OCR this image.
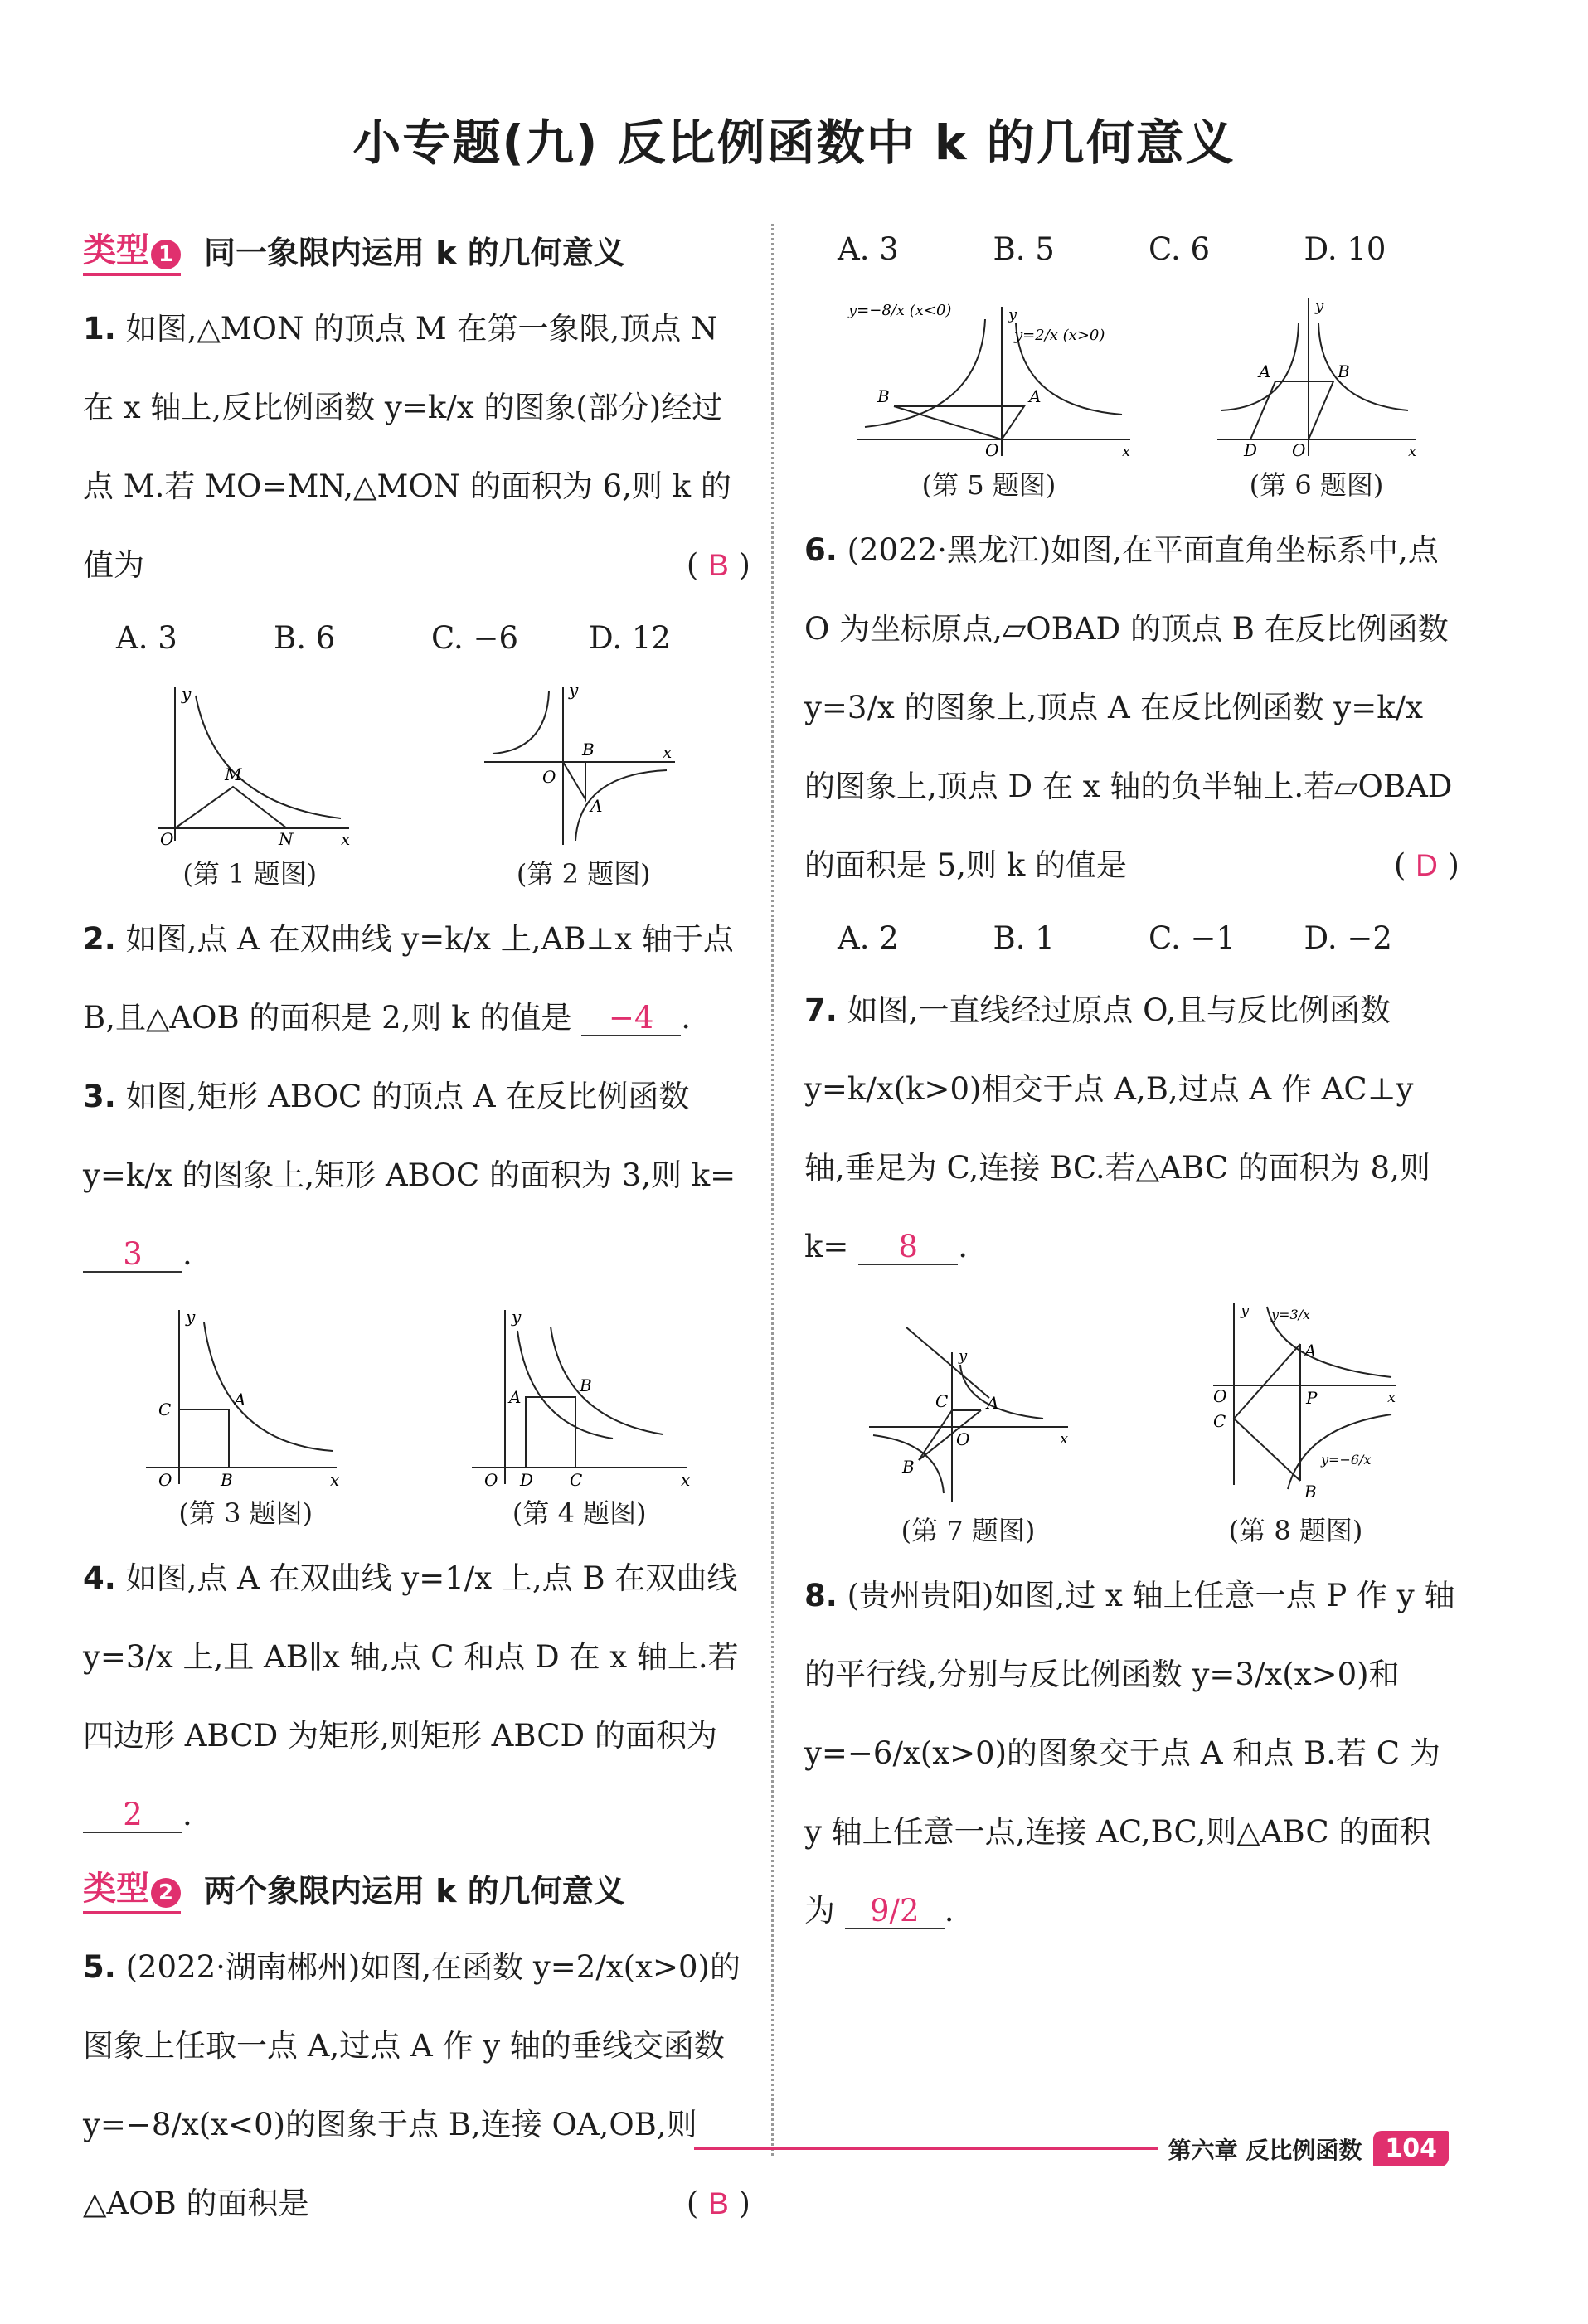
小专题(九) 反比例函数中 k 的几何意义
类型 1 同一象限内运用 k 的几何意义

1. 如图,△MON 的顶点 M 在第一象限,顶点 N 在 x 轴上,反比例函数 y=k/x 的图象(部分)经过点 M.若 MO=MN,△MON 的面积为 6,则 k 的值为	( B )

A. 3	B. 6	C. −6	D. 12
y
x
O
M
N
(第 1 题图)
y
x
O
A
B
(第 2 题图)

2. 如图,点 A 在双曲线 y=k/x 上,AB⊥x 轴于点 B,且△AOB 的面积是 2,则 k 的值是 −4 .

3. 如图,矩形 ABOC 的顶点 A 在反比例函数 y=k/x 的图象上,矩形 ABOC 的面积为 3,则 k= 3 .

y
x
O
A
B
C
(第 3 题图)
y
x
O
A
B
C
D
(第 4 题图)

4. 如图,点 A 在双曲线 y=1/x 上,点 B 在双曲线 y=3/x 上,且 AB∥x 轴,点 C 和点 D 在 x 轴上.若四边形 ABCD 为矩形,则矩形 ABCD 的面积为 2 .

类型 2 两个象限内运用 k 的几何意义

5. (2022·湖南郴州)如图,在函数 y=2/x(x>0)的图象上任取一点 A,过点 A 作 y 轴的垂线交函数 y=−8/x(x<0)的图象于点 B,连接 OA,OB,则△AOB 的面积是	( B )

A. 3	B. 5	C. 6	D. 10
y=−8/x (x<0)
y=2/x (x>0)
y
x
O
A
B
(第 5 题图)
y
x
O
A	B
D
(第 6 题图)

6. (2022·黑龙江)如图,在平面直角坐标系中,点 O 为坐标原点,▱OBAD 的顶点 B 在反比例函数 y=3/x 的图象上,顶点 A 在反比例函数 y=k/x 的图象上,顶点 D 在 x 轴的负半轴上.若▱OBAD 的面积是 5,则 k 的值是	( D )

A. 2	B. 1	C. −1	D. −2

7. 如图,一直线经过原点 O,且与反比例函数 y=k/x(k>0)相交于点 A,B,过点 A 作 AC⊥y 轴,垂足为 C,连接 BC.若△ABC 的面积为 8,则 k= 8 .

y
x
O
A
B
C
(第 7 题图)
y
x
O
A
B
C
P
y=3/x
y=−6/x
(第 8 题图)

8. (贵州贵阳)如图,过 x 轴上任意一点 P 作 y 轴的平行线,分别与反比例函数 y=3/x(x>0)和 y=−6/x(x>0)的图象交于点 A 和点 B.若 C 为 y 轴上任意一点,连接 AC,BC,则△ABC 的面积为 9/2 .

第六章 反比例函数 104
